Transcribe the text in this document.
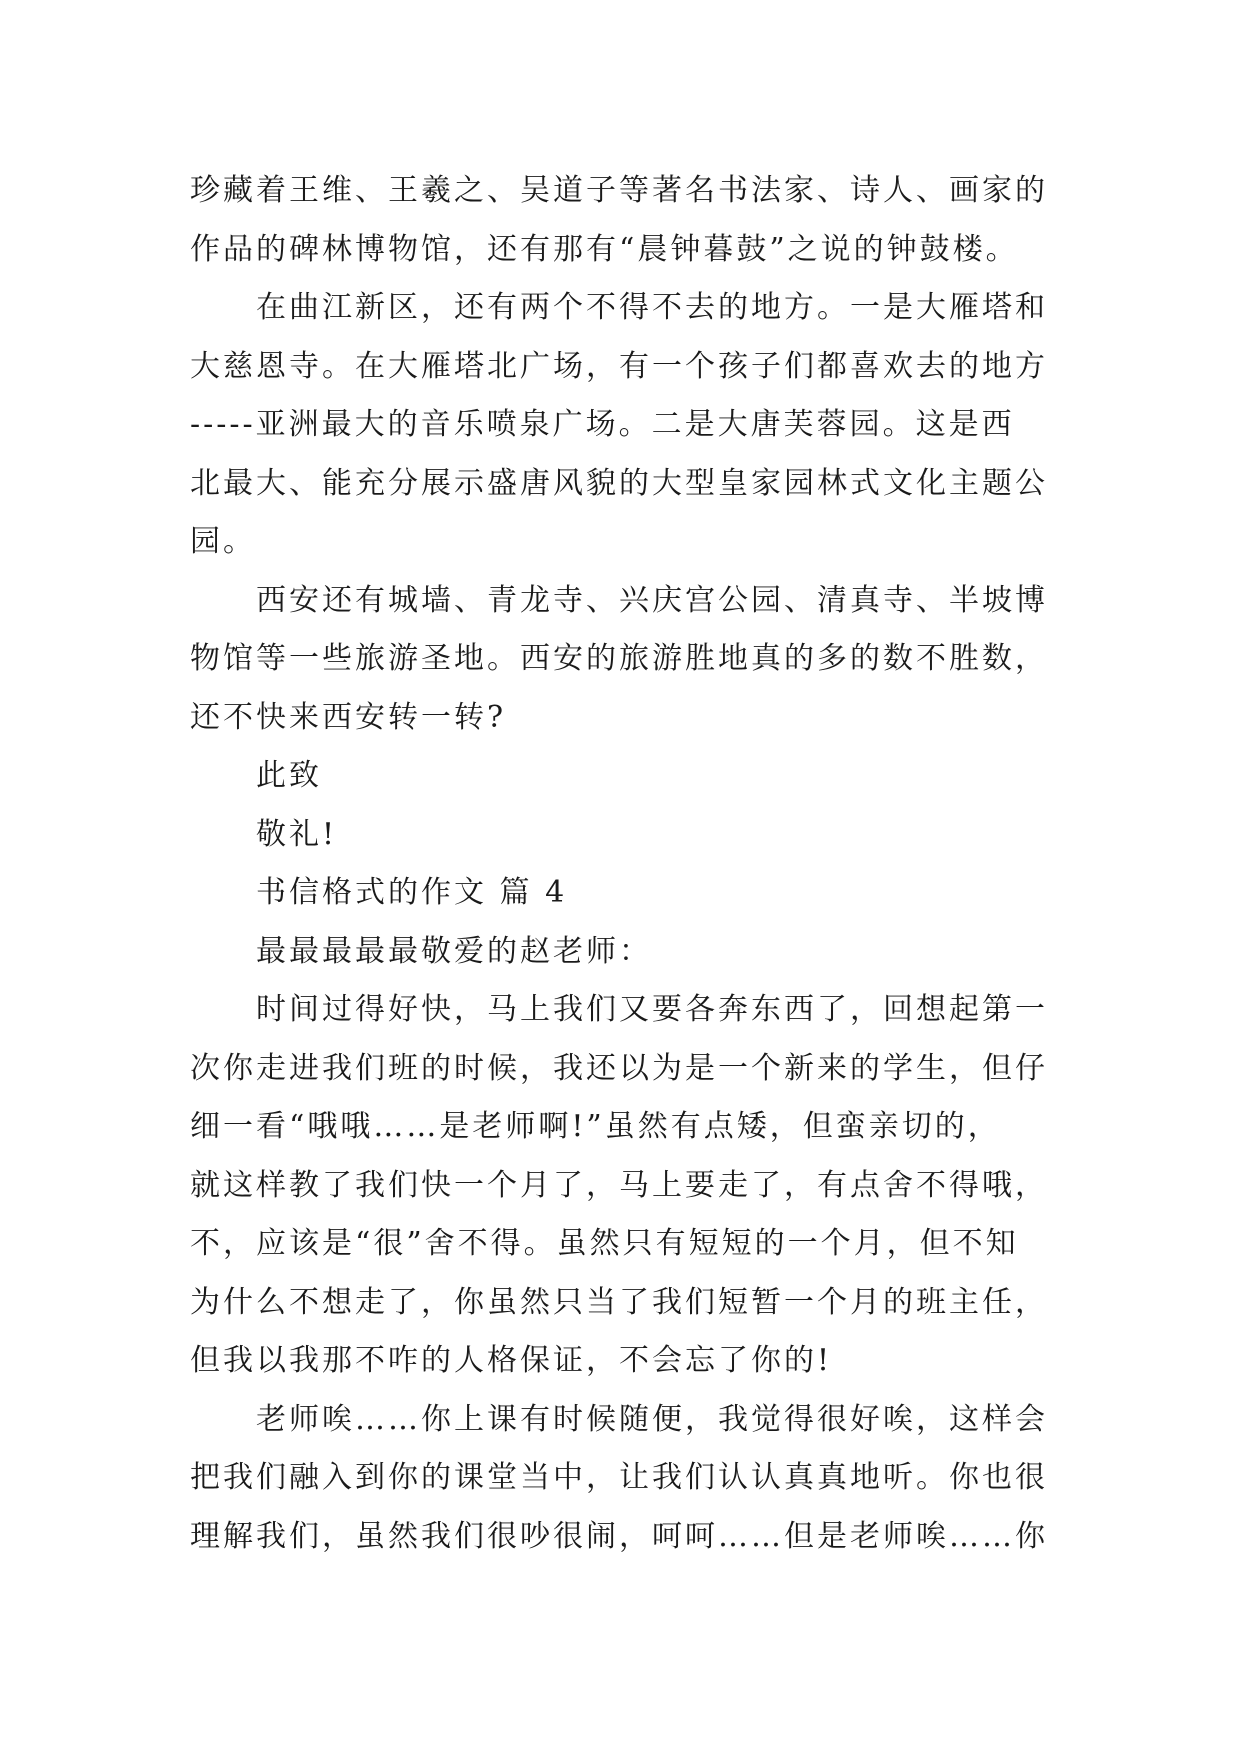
珍藏着王维、王羲之、吴道子等著名书法家、诗人、画家的
作品的碑林博物馆，还有那有“晨钟暮鼓”之说的钟鼓楼。
在曲江新区，还有两个不得不去的地方。一是大雁塔和
大慈恩寺。在大雁塔北广场，有一个孩子们都喜欢去的地方
-----亚洲最大的音乐喷泉广场。二是大唐芙蓉园。这是西
北最大、能充分展示盛唐风貌的大型皇家园林式文化主题公
园。
西安还有城墙、青龙寺、兴庆宫公园、清真寺、半坡博
物馆等一些旅游圣地。西安的旅游胜地真的多的数不胜数，
还不快来西安转一转?
此致
敬礼!
书信格式的作文 篇 4
最最最最最敬爱的赵老师：
时间过得好快，马上我们又要各奔东西了，回想起第一
次你走进我们班的时候，我还以为是一个新来的学生，但仔
细一看“哦哦……是老师啊!”虽然有点矮，但蛮亲切的，
就这样教了我们快一个月了，马上要走了，有点舍不得哦，
不，应该是“很”舍不得。虽然只有短短的一个月，但不知
为什么不想走了，你虽然只当了我们短暂一个月的班主任，
但我以我那不咋的人格保证，不会忘了你的!
老师唉……你上课有时候随便，我觉得很好唉，这样会
把我们融入到你的课堂当中，让我们认认真真地听。你也很
理解我们，虽然我们很吵很闹，呵呵……但是老师唉……你
